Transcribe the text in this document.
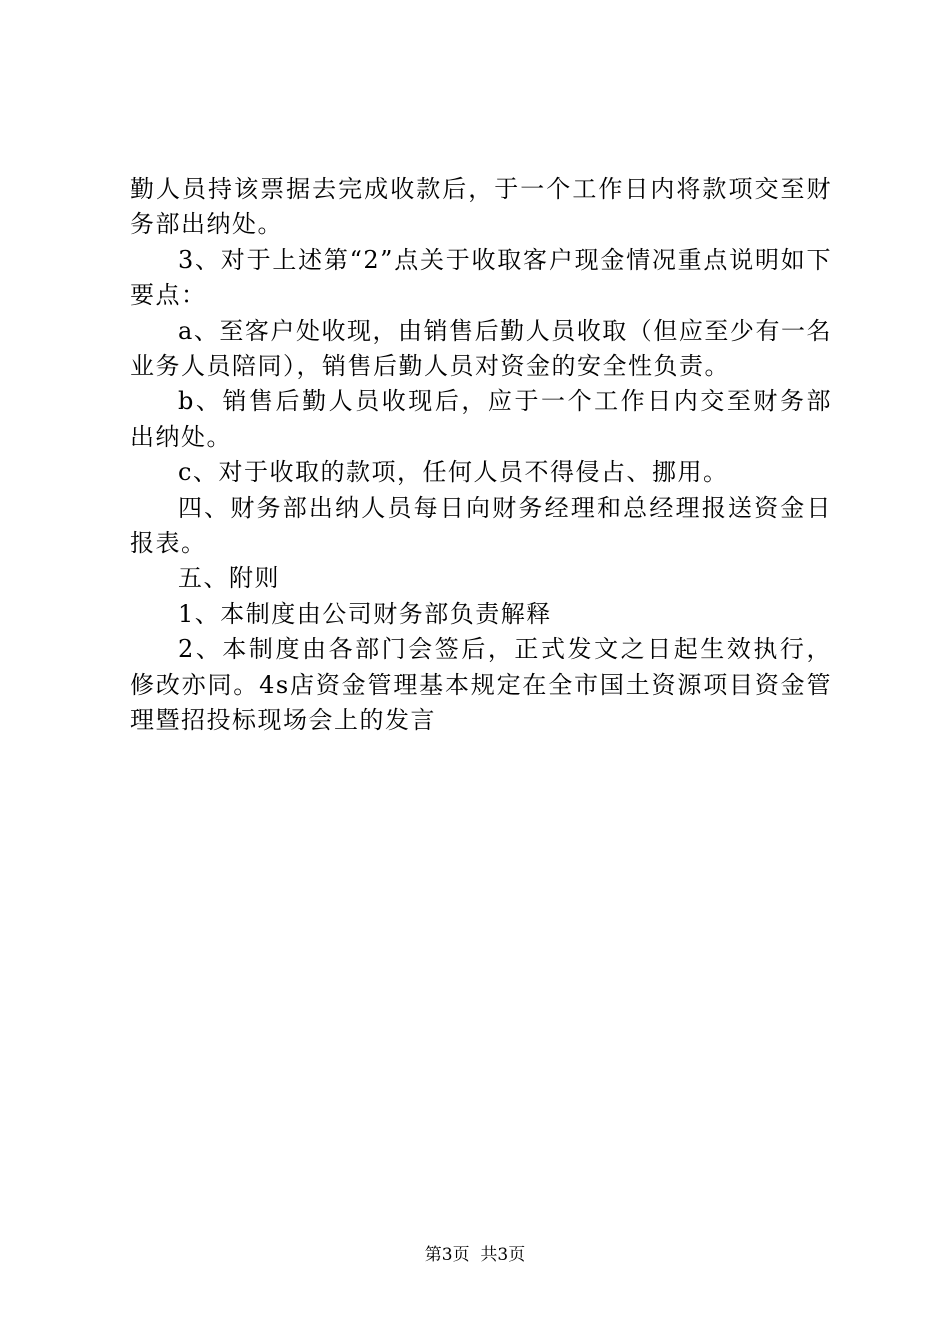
勤人员持该票据去完成收款后，于一个工作日内将款项交至财务部出纳处。

3、对于上述第“2”点关于收取客户现金情况重点说明如下要点：

a、至客户处收现，由销售后勤人员收取（但应至少有一名业务人员陪同），销售后勤人员对资金的安全性负责。

b、销售后勤人员收现后，应于一个工作日内交至财务部出纳处。

c、对于收取的款项，任何人员不得侵占、挪用。

四、财务部出纳人员每日向财务经理和总经理报送资金日报表。

五、附则

1、本制度由公司财务部负责解释

2、本制度由各部门会签后，正式发文之日起生效执行，修改亦同。4s店资金管理基本规定在全市国土资源项目资金管理暨招投标现场会上的发言

第3页 共3页
